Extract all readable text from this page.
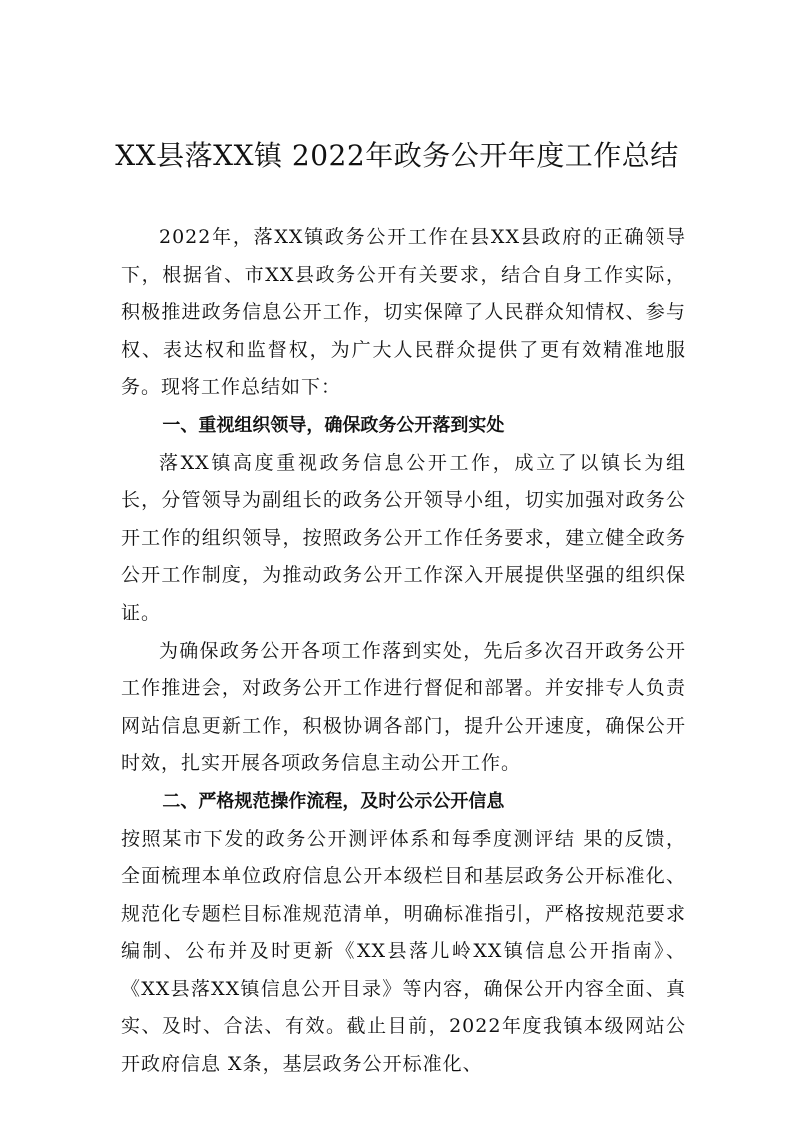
XX县落XX镇 2022年政务公开年度工作总结

2022年，落XX镇政务公开工作在县XX县政府的正确领导下，根据省、市XX县政务公开有关要求，结合自身工作实际，积极推进政务信息公开工作，切实保障了人民群众知情权、参与权、表达权和监督权，为广大人民群众提供了更有效精准地服务。现将工作总结如下：

一、重视组织领导，确保政务公开落到实处

落XX镇高度重视政务信息公开工作，成立了以镇长为组长，分管领导为副组长的政务公开领导小组，切实加强对政务公开工作的组织领导，按照政务公开工作任务要求，建立健全政务公开工作制度，为推动政务公开工作深入开展提供坚强的组织保证。

为确保政务公开各项工作落到实处，先后多次召开政务公开工作推进会，对政务公开工作进行督促和部署。并安排专人负责网站信息更新工作，积极协调各部门，提升公开速度，确保公开时效，扎实开展各项政务信息主动公开工作。

二、严格规范操作流程，及时公示公开信息

按照某市下发的政务公开测评体系和每季度测评结 果的反馈，全面梳理本单位政府信息公开本级栏目和基层政务公开标准化、规范化专题栏目标准规范清单，明确标准指引，严格按规范要求编制、公布并及时更新《XX县落儿岭XX镇信息公开指南》、《XX县落XX镇信息公开目录》等内容，确保公开内容全面、真实、及时、合法、有效。截止目前，2022年度我镇本级网站公开政府信息 X条，基层政务公开标准化、
